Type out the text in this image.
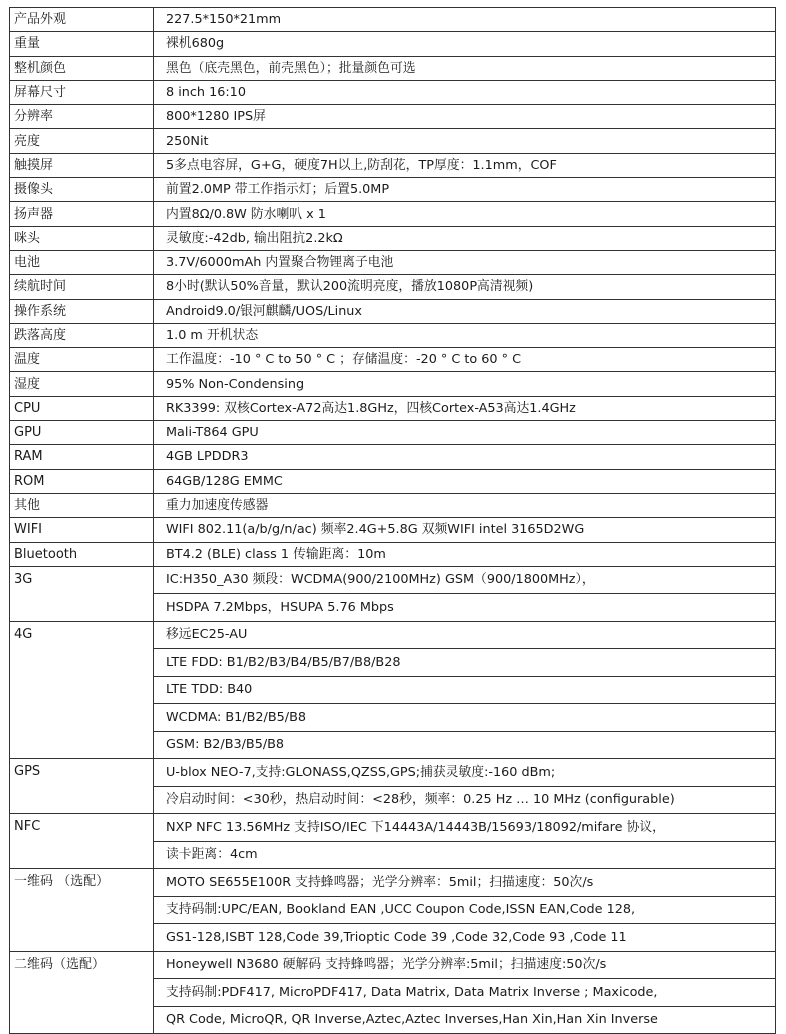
产品外观	227.5*150*21mm
重量	裸机680g
整机颜色	黑色（底壳黑色，前壳黑色）；批量颜色可选
屏幕尺寸	8 inch 16:10
分辨率	800*1280 IPS屏
亮度	250Nit
触摸屏	5多点电容屏，G+G，硬度7H以上,防刮花，TP厚度：1.1mm，COF
摄像头	前置2.0MP 带工作指示灯；后置5.0MP
扬声器	内置8Ω/0.8W 防水喇叭 x 1
咪头	灵敏度:-42db, 输出阻抗2.2kΩ
电池	3.7V/6000mAh 内置聚合物锂离子电池
续航时间	8小时(默认50%音量，默认200流明亮度，播放1080P高清视频)
操作系统	Android9.0/银河麒麟/UOS/Linux
跌落高度	1.0 m 开机状态
温度	工作温度：-10 ° C to 50 ° C ；存储温度：-20 ° C to 60 ° C
湿度	95% Non-Condensing
CPU	RK3399: 双核Cortex-A72高达1.8GHz，四核Cortex-A53高达1.4GHz
GPU	Mali-T864 GPU
RAM	4GB LPDDR3
ROM	64GB/128G EMMC
其他	重力加速度传感器
WIFI	WIFI 802.11(a/b/g/n/ac) 频率2.4G+5.8G 双频WIFI intel 3165D2WG
Bluetooth	BT4.2 (BLE) class 1 传输距离：10m
3G	IC:H350_A30 频段：WCDMA(900/2100MHz) GSM（900/1800MHz），
	HSDPA 7.2Mbps，HSUPA 5.76 Mbps
4G	移远EC25-AU
	LTE FDD: B1/B2/B3/B4/B5/B7/B8/B28
	LTE TDD: B40
	WCDMA: B1/B2/B5/B8
	GSM: B2/B3/B5/B8
GPS	U-blox NEO-7,支持:GLONASS,QZSS,GPS;捕获灵敏度:-160 dBm;
	冷启动时间：<30秒，热启动时间：<28秒，频率：0.25 Hz … 10 MHz (configurable)
NFC	NXP NFC 13.56MHz 支持ISO/IEC 下14443A/14443B/15693/18092/mifare 协议，
	读卡距离：4cm
一维码 （选配）	MOTO SE655E100R 支持蜂鸣器；光学分辨率：5mil；扫描速度：50次/s
	支持码制:UPC/EAN, Bookland EAN ,UCC Coupon Code,ISSN EAN,Code 128,
	GS1-128,ISBT 128,Code 39,Trioptic Code 39 ,Code 32,Code 93 ,Code 11
二维码（选配）	Honeywell N3680 硬解码 支持蜂鸣器；光学分辨率:5mil；扫描速度:50次/s
	支持码制:PDF417, MicroPDF417, Data Matrix, Data Matrix Inverse ; Maxicode,
	QR Code, MicroQR, QR Inverse,Aztec,Aztec Inverses,Han Xin,Han Xin Inverse
